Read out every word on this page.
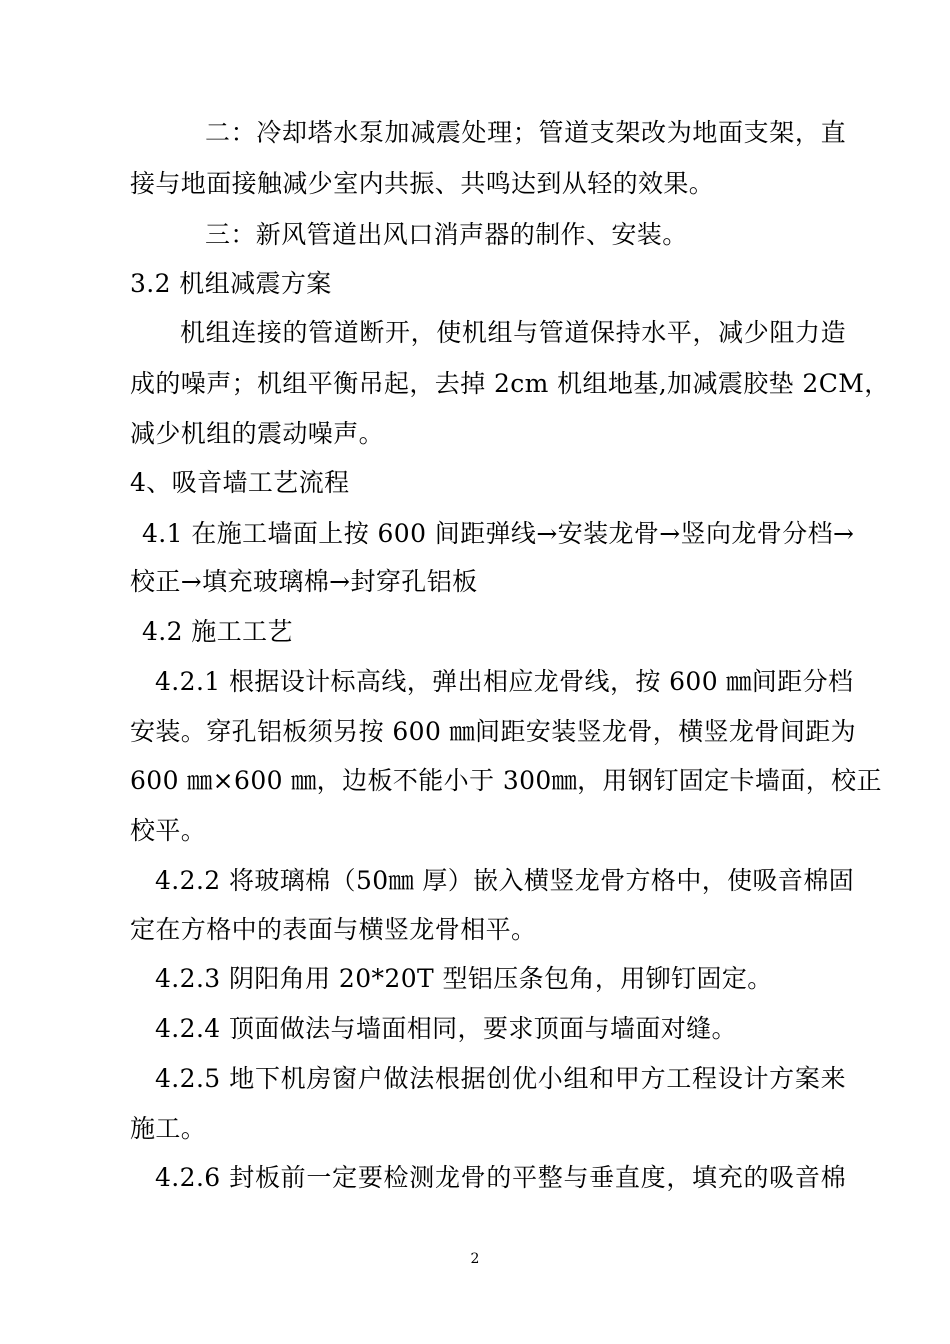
二：冷却塔水泵加减震处理；管道支架改为地面支架，直
接与地面接触减少室内共振、共鸣达到从轻的效果。
三：新风管道出风口消声器的制作、安装。
3.2 机组减震方案
机组连接的管道断开，使机组与管道保持水平，减少阻力造
成的噪声；机组平衡吊起，去掉 2cm 机组地基,加减震胶垫 2CM，
减少机组的震动噪声。
4、吸音墙工艺流程
4.1 在施工墙面上按 600 间距弹线→安装龙骨→竖向龙骨分档→
校正→填充玻璃棉→封穿孔铝板
4.2 施工工艺
4.2.1 根据设计标高线，弹出相应龙骨线，按 600 ㎜间距分档
安装。穿孔铝板须另按 600 ㎜间距安装竖龙骨，横竖龙骨间距为
600 ㎜×600 ㎜，边板不能小于 300㎜，用钢钉固定卡墙面，校正
校平。
4.2.2 将玻璃棉（50㎜ 厚）嵌入横竖龙骨方格中，使吸音棉固
定在方格中的表面与横竖龙骨相平。
4.2.3 阴阳角用 20*20T 型铝压条包角，用铆钉固定。
4.2.4 顶面做法与墙面相同，要求顶面与墙面对缝。
4.2.5 地下机房窗户做法根据创优小组和甲方工程设计方案来
施工。
4.2.6 封板前一定要检测龙骨的平整与垂直度，填充的吸音棉
2
